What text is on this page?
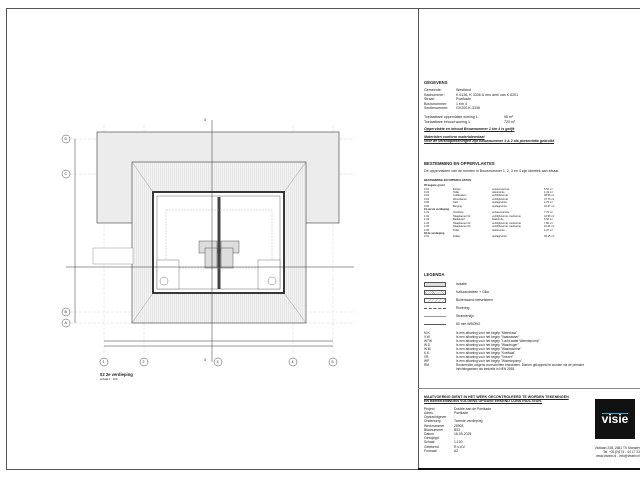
1	2	3	4	5
D
C
B
A
4
4
02 2e verdieping
schaal 1 : 100
GEGEVENS
Gemeente:	Westland
Kadnummer:	K 6136, K 3336 & een deel van K 6201
Straat:	Poelkade
Bouwnummer:	1 t/m 4
Sectienummer:	GV200-K-3336
Toelaatbare oppervlakte woning 1:	96 m²
Toelaatbare inhoud woning 1:	720 m³
Oppervlakte en inhoud Bouwnummer 1 t/m 4 is gelijk
Materialen conform materialenstaat
Voor de verkooptekeningen zijn Bouwnummer 1 & 2 als presentatie gebruikt
BESTEMMING EN OPPERVLAKTES
De oppervlakten van de ruimten in Bouwnummer 1, 2, 3 en 4 zijn identiek aan elkaar.
BESTEMMING EN OPPERVLAKTES
00 begane grond
0.01	Entree	verkeersruimte	5.52 m²
0.02	Toilet	toiletruimte	1.32 m²
0.03	Leefkeuken	verblijfsruimte	38.56 m²
0.04	Woonkamer	verblijfsruimte	37.74 m²
0.05	Kast	opslagruimte	2.76 m²
0.06	Berging	opslagruimte	22.47 m²
01 eerste verdieping
1.01	Overloop	verkeersruimte	7.70 m²
1.02	Slaapkamer 01	verblijfsruimte, bedruimte	42.56 m²
1.03	Badkamer	badruimte	6.60 m²
1.04	Slaapkamer 02	verblijfsruimte, bedruimte	7.80 m²
1.05	Slaapkamer 03	verblijfsruimte, bedruimte	10.36 m²
1.06	Toilet	toiletruimte	1.37 m²
02 2e verdieping
2.01	Zolder	opslagruimte	30.15 m²
LEGENDA
Isolatie
Kalkzandsteen + Gibo
Buitenwand metselsteen
Riolering
Stramienlijn
80 mm WBOBO
M.K.	Is een afkorting voor het begrip "Meterkast"
V.W.	Is een afkorting voor het begrip "Vaatwasser"
WTW	Is een afkorting voor het begrip "Lucht-water Warmtepomp"
W.D.	Is een afkorting voor het begrip "Wasdroger"
W.M.	Is een afkorting voor het begrip "Wasmachine"
K.K.	Is een afkorting voor het begrip "Koelkast"
VR.	Is een afkorting voor het begrip "Vriezer"
WP	Is een afkorting voor het begrip "Warmtepomp"
RM	Rookmelder volgens voorschriften brandweer. Dienen gekoppeld te worden via de primaire inrichtingseisen als bedoeld in NEN 2555.
MAATVOERING DIENT IN HET WERK GECONTROLEERD TE WORDEN TEKENINGEN EN BEREKENINGEN VOLGENS OPGAVE ERKEND CONSTRUCTEUR.
Project	Double aan de Poelkade
Adres	Poelkade
Opdrachtgever	-
Onderwerp	Tweede verdieping
Werknummer	25903
Bladnummer	B03
Datum	18-09-2025
Gewijzigd	-
Schaal	1:100
Getekend	R.v.d.V.
Formaat	A2
visie
Vlotlaan 248, 2681 TV Monster
Tel. +31(0)174 - 44 17 23
www.visielv.nl - info@visielv.nl
